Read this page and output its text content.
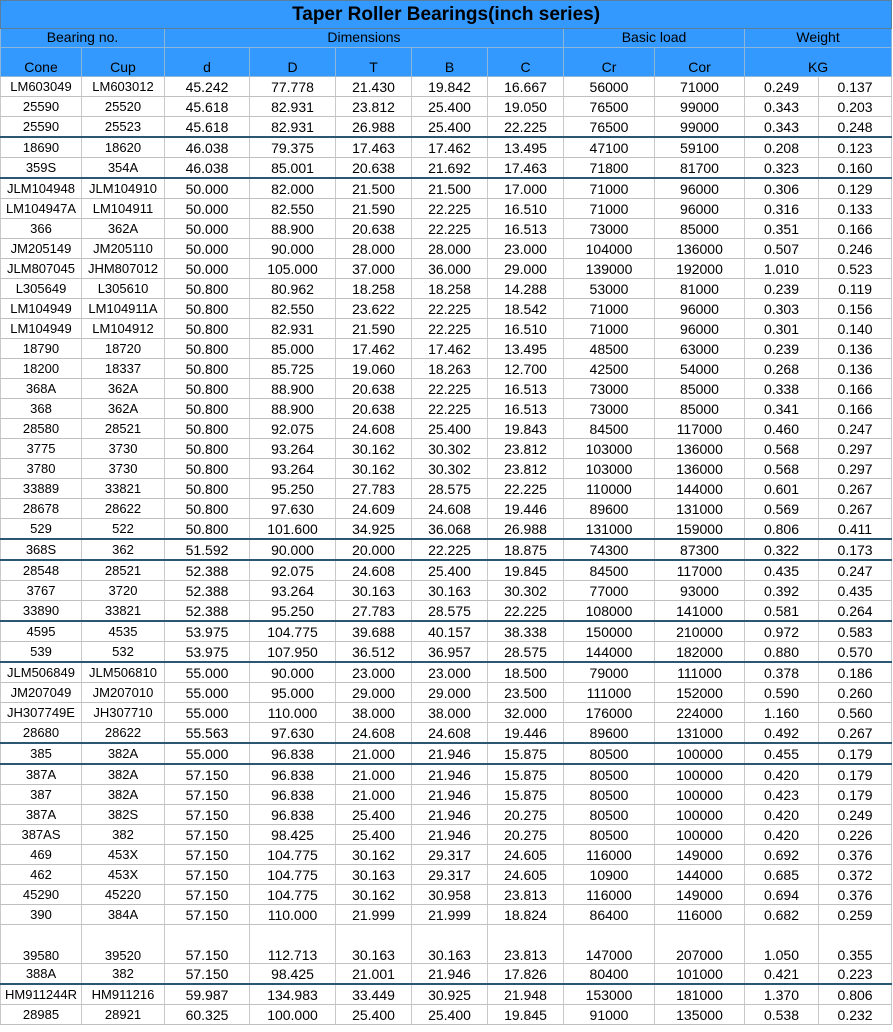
Taper Roller Bearings(inch series)										
Bearing no.		Dimensions					Basic load		Weight	
Cone	Cup	d	D	T	B	C	Cr	Cor	KG	
LM603049	LM603012	45.242	77.778	21.430	19.842	16.667	56000	71000	0.249	0.137
25590	25520	45.618	82.931	23.812	25.400	19.050	76500	99000	0.343	0.203
25590	25523	45.618	82.931	26.988	25.400	22.225	76500	99000	0.343	0.248
18690	18620	46.038	79.375	17.463	17.462	13.495	47100	59100	0.208	0.123
359S	354A	46.038	85.001	20.638	21.692	17.463	71800	81700	0.323	0.160
JLM104948	JLM104910	50.000	82.000	21.500	21.500	17.000	71000	96000	0.306	0.129
LM104947A	LM104911	50.000	82.550	21.590	22.225	16.510	71000	96000	0.316	0.133
366	362A	50.000	88.900	20.638	22.225	16.513	73000	85000	0.351	0.166
JM205149	JM205110	50.000	90.000	28.000	28.000	23.000	104000	136000	0.507	0.246
JLM807045	JHM807012	50.000	105.000	37.000	36.000	29.000	139000	192000	1.010	0.523
L305649	L305610	50.800	80.962	18.258	18.258	14.288	53000	81000	0.239	0.119
LM104949	LM104911A	50.800	82.550	23.622	22.225	18.542	71000	96000	0.303	0.156
LM104949	LM104912	50.800	82.931	21.590	22.225	16.510	71000	96000	0.301	0.140
18790	18720	50.800	85.000	17.462	17.462	13.495	48500	63000	0.239	0.136
18200	18337	50.800	85.725	19.060	18.263	12.700	42500	54000	0.268	0.136
368A	362A	50.800	88.900	20.638	22.225	16.513	73000	85000	0.338	0.166
368	362A	50.800	88.900	20.638	22.225	16.513	73000	85000	0.341	0.166
28580	28521	50.800	92.075	24.608	25.400	19.843	84500	117000	0.460	0.247
3775	3730	50.800	93.264	30.162	30.302	23.812	103000	136000	0.568	0.297
3780	3730	50.800	93.264	30.162	30.302	23.812	103000	136000	0.568	0.297
33889	33821	50.800	95.250	27.783	28.575	22.225	110000	144000	0.601	0.267
28678	28622	50.800	97.630	24.609	24.608	19.446	89600	131000	0.569	0.267
529	522	50.800	101.600	34.925	36.068	26.988	131000	159000	0.806	0.411
368S	362	51.592	90.000	20.000	22.225	18.875	74300	87300	0.322	0.173
28548	28521	52.388	92.075	24.608	25.400	19.845	84500	117000	0.435	0.247
3767	3720	52.388	93.264	30.163	30.163	30.302	77000	93000	0.392	0.435
33890	33821	52.388	95.250	27.783	28.575	22.225	108000	141000	0.581	0.264
4595	4535	53.975	104.775	39.688	40.157	38.338	150000	210000	0.972	0.583
539	532	53.975	107.950	36.512	36.957	28.575	144000	182000	0.880	0.570
JLM506849	JLM506810	55.000	90.000	23.000	23.000	18.500	79000	111000	0.378	0.186
JM207049	JM207010	55.000	95.000	29.000	29.000	23.500	111000	152000	0.590	0.260
JH307749E	JH307710	55.000	110.000	38.000	38.000	32.000	176000	224000	1.160	0.560
28680	28622	55.563	97.630	24.608	24.608	19.446	89600	131000	0.492	0.267
385	382A	55.000	96.838	21.000	21.946	15.875	80500	100000	0.455	0.179
387A	382A	57.150	96.838	21.000	21.946	15.875	80500	100000	0.420	0.179
387	382A	57.150	96.838	21.000	21.946	15.875	80500	100000	0.423	0.179
387A	382S	57.150	96.838	25.400	21.946	20.275	80500	100000	0.420	0.249
387AS	382	57.150	98.425	25.400	21.946	20.275	80500	100000	0.420	0.226
469	453X	57.150	104.775	30.162	29.317	24.605	116000	149000	0.692	0.376
462	453X	57.150	104.775	30.163	29.317	24.605	10900	144000	0.685	0.372
45290	45220	57.150	104.775	30.162	30.958	23.813	116000	149000	0.694	0.376
390	384A	57.150	110.000	21.999	21.999	18.824	86400	116000	0.682	0.259
39580	39520	57.150	112.713	30.163	30.163	23.813	147000	207000	1.050	0.355
388A	382	57.150	98.425	21.001	21.946	17.826	80400	101000	0.421	0.223
HM911244R	HM911216	59.987	134.983	33.449	30.925	21.948	153000	181000	1.370	0.806
28985	28921	60.325	100.000	25.400	25.400	19.845	91000	135000	0.538	0.232
